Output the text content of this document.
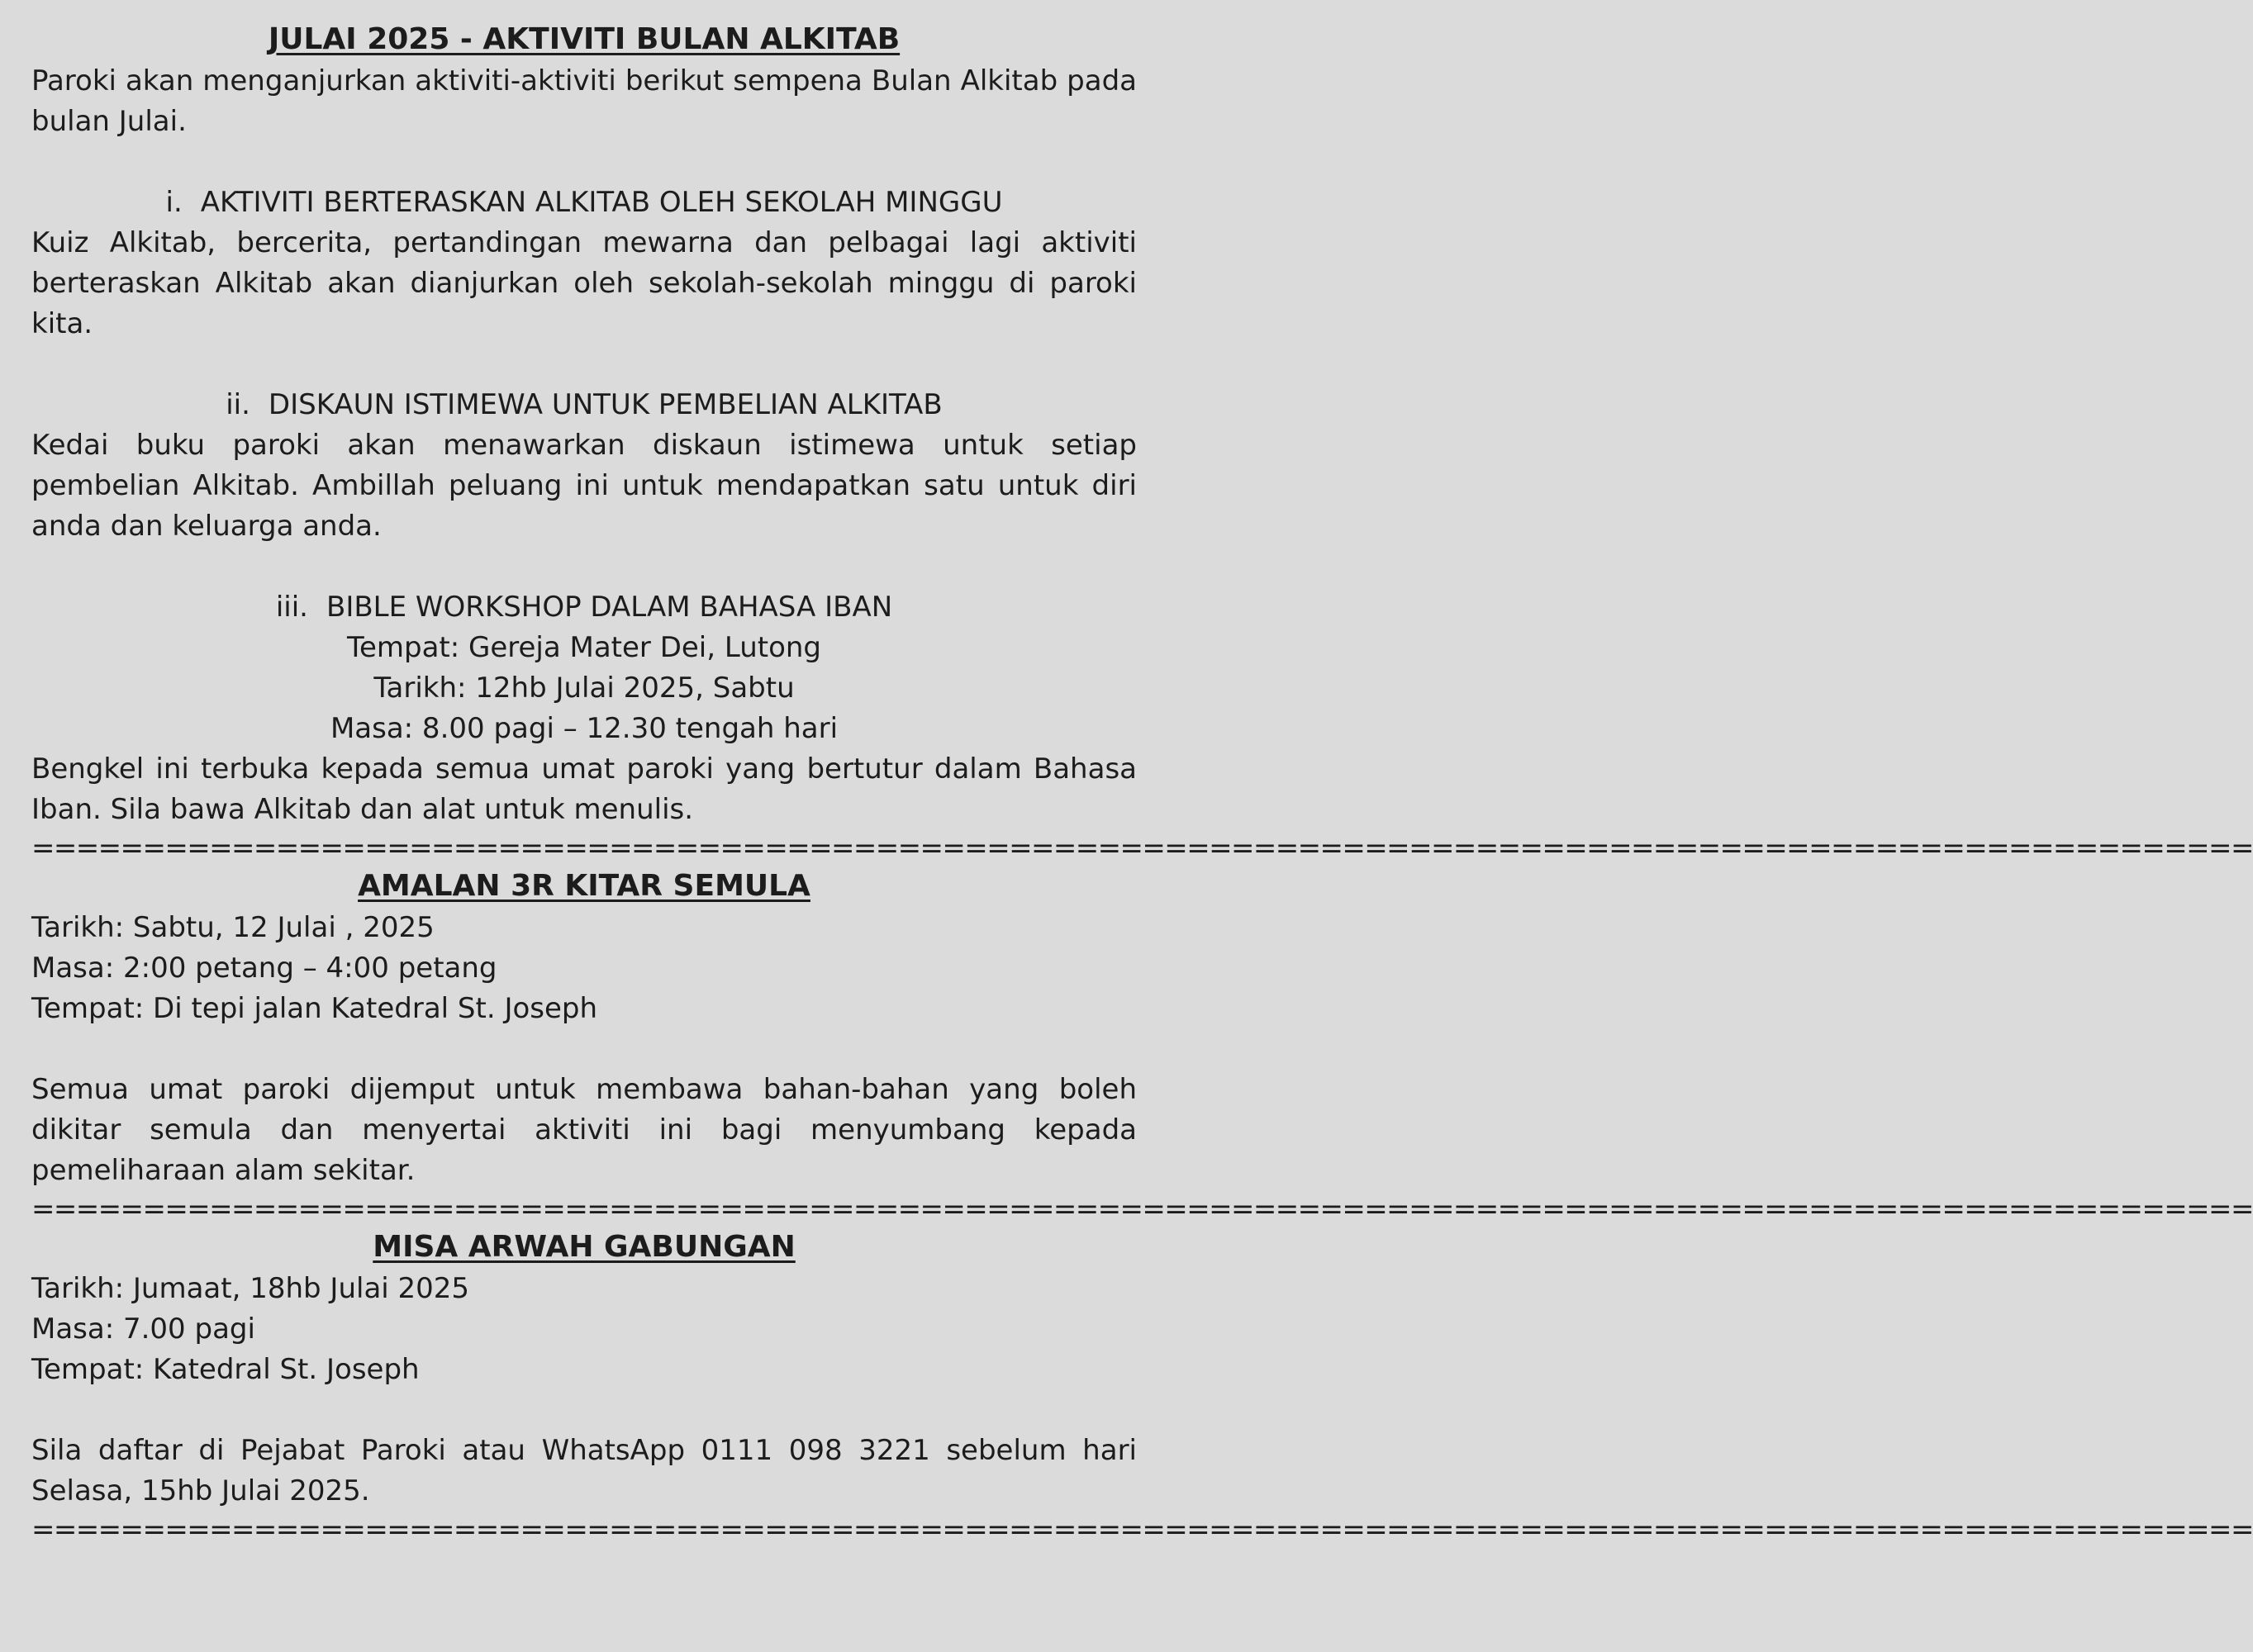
JULAI 2025 - AKTIVITI BULAN ALKITAB

Paroki akan menganjurkan aktiviti-aktiviti berikut sempena Bulan Alkitab pada bulan Julai.

i. AKTIVITI BERTERASKAN ALKITAB OLEH SEKOLAH MINGGU

Kuiz Alkitab, bercerita, pertandingan mewarna dan pelbagai lagi aktiviti berteraskan Alkitab akan dianjurkan oleh sekolah-sekolah minggu di paroki kita.

ii. DISKAUN ISTIMEWA UNTUK PEMBELIAN ALKITAB

Kedai buku paroki akan menawarkan diskaun istimewa untuk setiap pembelian Alkitab. Ambillah peluang ini untuk mendapatkan satu untuk diri anda dan keluarga anda.

iii. BIBLE WORKSHOP DALAM BAHASA IBAN
Tempat: Gereja Mater Dei, Lutong
Tarikh: 12hb Julai 2025, Sabtu
Masa: 8.00 pagi – 12.30 tengah hari

Bengkel ini terbuka kepada semua umat paroki yang bertutur dalam Bahasa Iban. Sila bawa Alkitab dan alat untuk menulis.

====================================================================================================
AMALAN 3R KITAR SEMULA
Tarikh: Sabtu, 12 Julai , 2025
Masa: 2:00 petang – 4:00 petang
Tempat: Di tepi jalan Katedral St. Joseph

Semua umat paroki dijemput untuk membawa bahan-bahan yang boleh dikitar semula dan menyertai aktiviti ini bagi menyumbang kepada pemeliharaan alam sekitar.

====================================================================================================
MISA ARWAH GABUNGAN
Tarikh: Jumaat, 18hb Julai 2025
Masa: 7.00 pagi
Tempat: Katedral St. Joseph

Sila daftar di Pejabat Paroki atau WhatsApp 0111 098 3221 sebelum hari Selasa, 15hb Julai 2025.

====================================================================================================
